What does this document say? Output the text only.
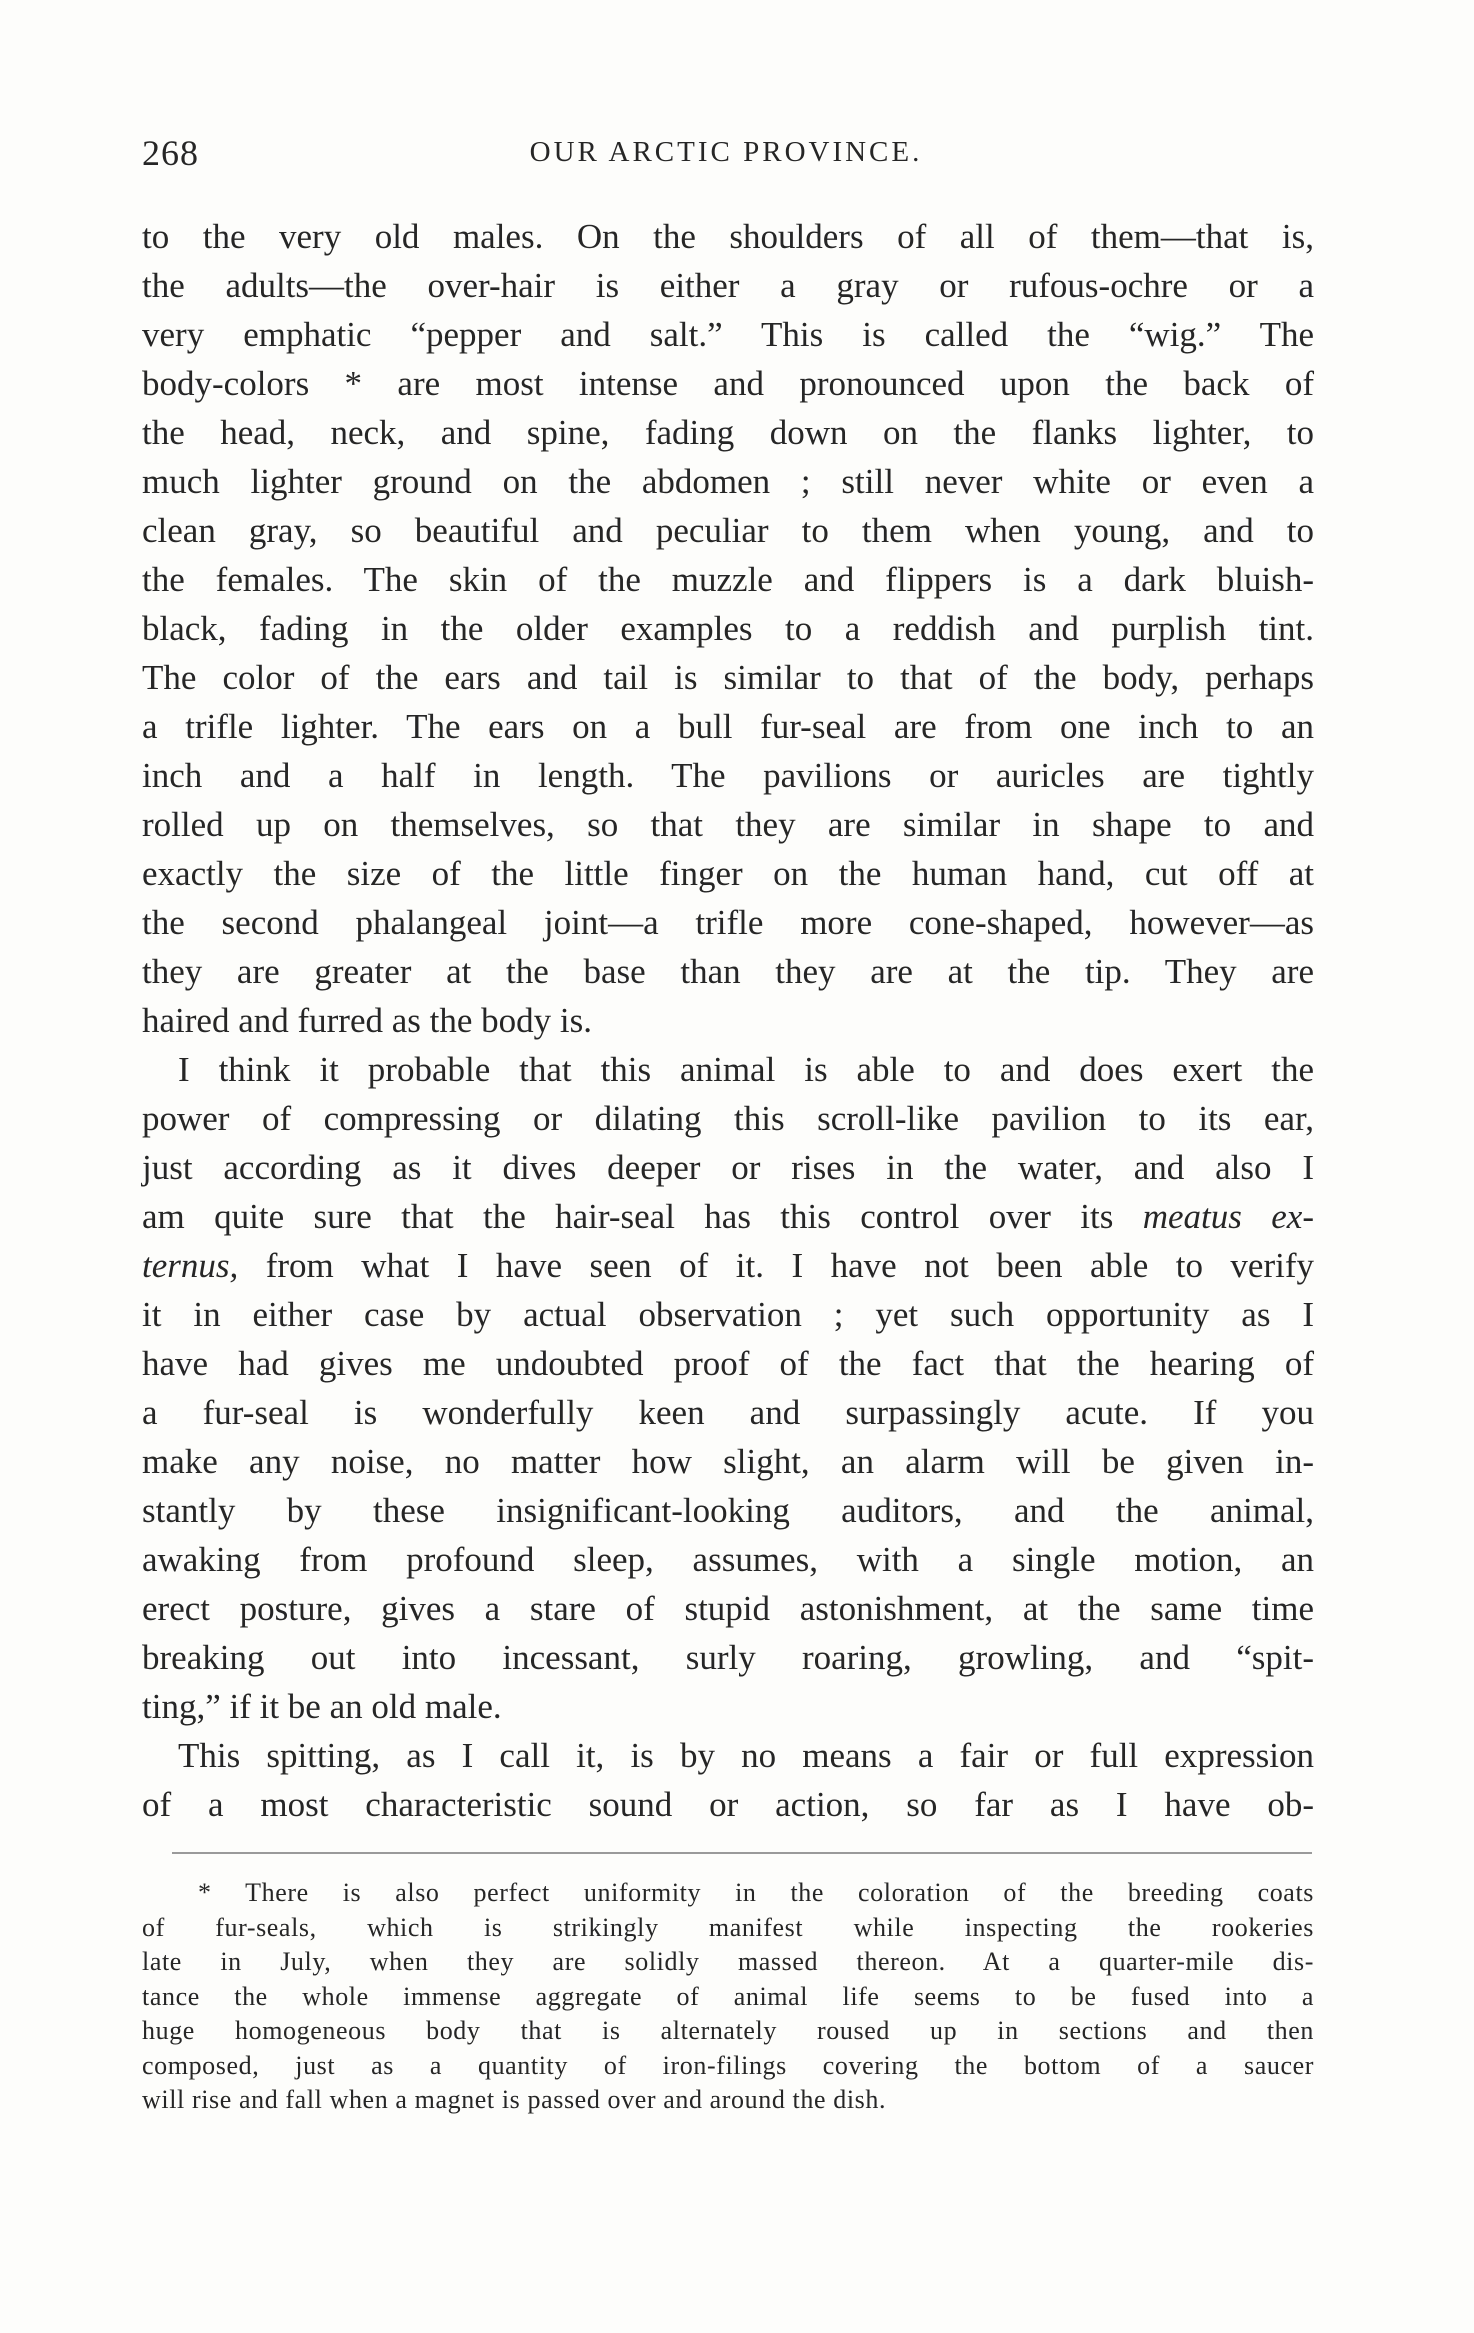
268	OUR ARCTIC PROVINCE.
to the very old males. On the shoulders of all of them—that is,
the adults—the over-hair is either a gray or rufous-ochre or a
very emphatic “pepper and salt.” This is called the “wig.” The
body-colors * are most intense and pronounced upon the back of
the head, neck, and spine, fading down on the flanks lighter, to
much lighter ground on the abdomen ; still never white or even a
clean gray, so beautiful and peculiar to them when young, and to
the females. The skin of the muzzle and flippers is a dark bluish-
black, fading in the older examples to a reddish and purplish tint.
The color of the ears and tail is similar to that of the body, perhaps
a trifle lighter. The ears on a bull fur-seal are from one inch to an
inch and a half in length. The pavilions or auricles are tightly
rolled up on themselves, so that they are similar in shape to and
exactly the size of the little finger on the human hand, cut off at
the second phalangeal joint—a trifle more cone-shaped, however—as
they are greater at the base than they are at the tip. They are
haired and furred as the body is.
I think it probable that this animal is able to and does exert the
power of compressing or dilating this scroll-like pavilion to its ear,
just according as it dives deeper or rises in the water, and also I
am quite sure that the hair-seal has this control over its meatus ex-
ternus, from what I have seen of it. I have not been able to verify
it in either case by actual observation ; yet such opportunity as I
have had gives me undoubted proof of the fact that the hearing of
a fur-seal is wonderfully keen and surpassingly acute. If you
make any noise, no matter how slight, an alarm will be given in-
stantly by these insignificant-looking auditors, and the animal,
awaking from profound sleep, assumes, with a single motion, an
erect posture, gives a stare of stupid astonishment, at the same time
breaking out into incessant, surly roaring, growling, and “spit-
ting,” if it be an old male.
This spitting, as I call it, is by no means a fair or full expression
of a most characteristic sound or action, so far as I have ob-
* There is also perfect uniformity in the coloration of the breeding coats
of fur-seals, which is strikingly manifest while inspecting the rookeries
late in July, when they are solidly massed thereon. At a quarter-mile dis-
tance the whole immense aggregate of animal life seems to be fused into a
huge homogeneous body that is alternately roused up in sections and then
composed, just as a quantity of iron-filings covering the bottom of a saucer
will rise and fall when a magnet is passed over and around the dish.
